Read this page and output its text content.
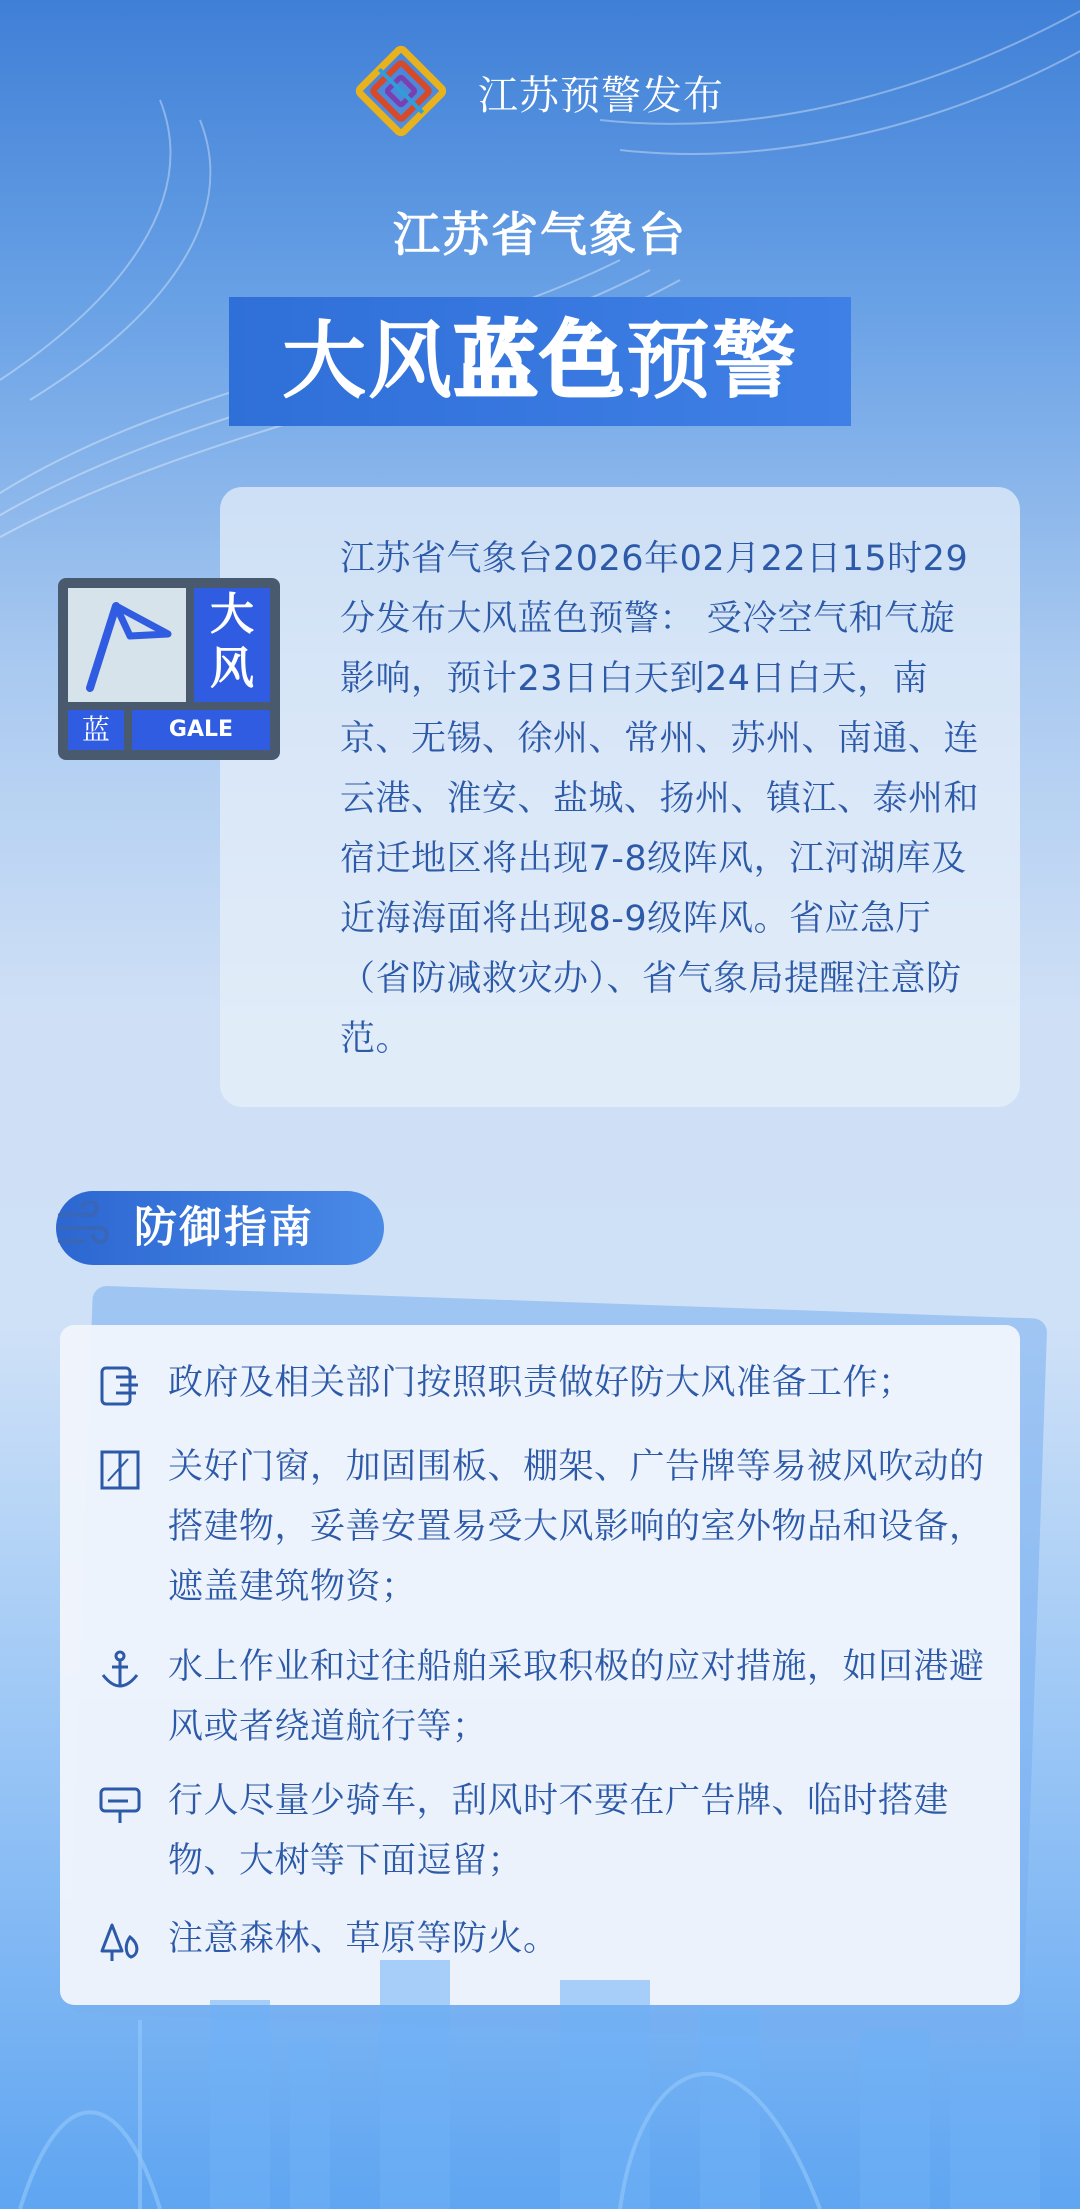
江苏预警发布
江苏省气象台
大风蓝色预警
江苏省气象台2026年02月22日15时29分发布大风蓝色预警： 受冷空气和气旋影响，预计23日白天到24日白天，南京、无锡、徐州、常州、苏州、南通、连云港、淮安、盐城、扬州、镇江、泰州和宿迁地区将出现7-8级阵风，江河湖库及近海海面将出现8-9级阵风。省应急厅（省防减救灾办）、省气象局提醒注意防范。
大
风
蓝	GALE
防御指南
政府及相关部门按照职责做好防大风准备工作；
关好门窗，加固围板、棚架、广告牌等易被风吹动的搭建物，妥善安置易受大风影响的室外物品和设备，遮盖建筑物资；
水上作业和过往船舶采取积极的应对措施，如回港避风或者绕道航行等；
行人尽量少骑车，刮风时不要在广告牌、临时搭建物、大树等下面逗留；
注意森林、草原等防火。
